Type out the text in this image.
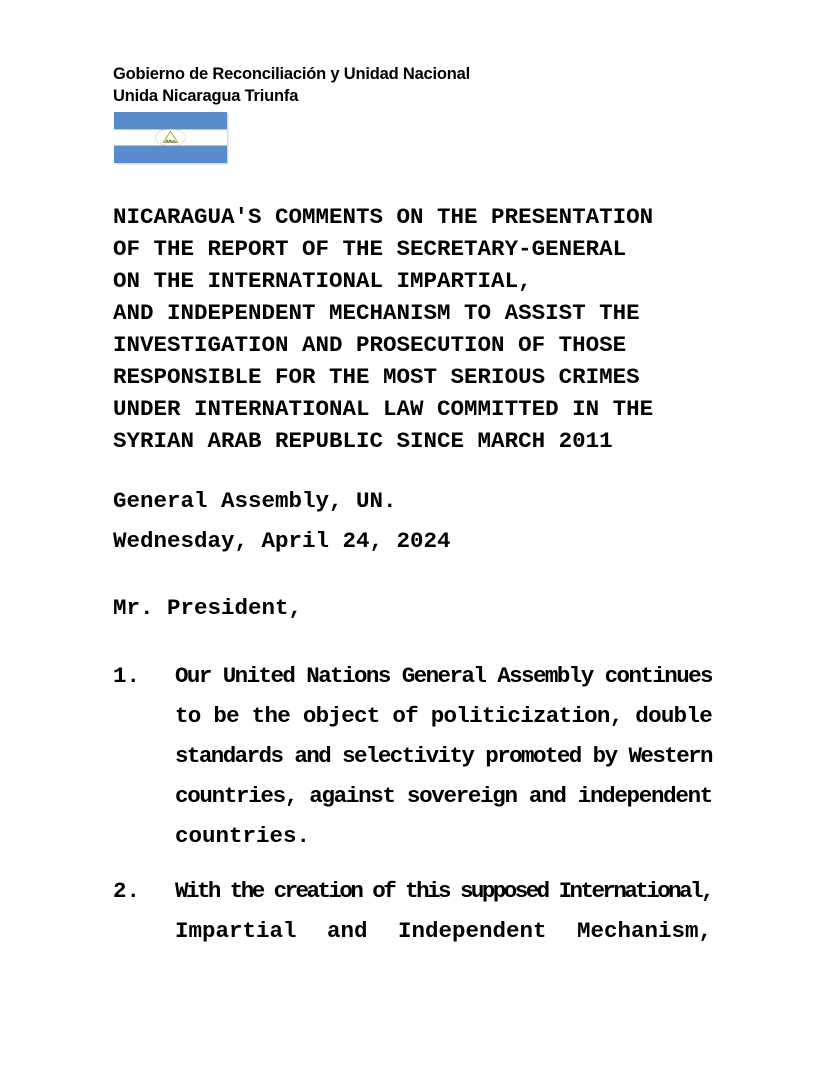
Gobierno de Reconciliación y Unidad Nacional
Unida Nicaragua Triunfa
NICARAGUA'S COMMENTS ON THE PRESENTATION
OF THE REPORT OF THE SECRETARY-GENERAL
ON THE INTERNATIONAL IMPARTIAL,
AND INDEPENDENT MECHANISM TO ASSIST THE
INVESTIGATION AND PROSECUTION OF THOSE
RESPONSIBLE FOR THE MOST SERIOUS CRIMES
UNDER INTERNATIONAL LAW COMMITTED IN THE
SYRIAN ARAB REPUBLIC SINCE MARCH 2011
General Assembly, UN.
Wednesday, April 24, 2024
Mr. President,
1. Our United Nations General Assembly continues
to be the object of politicization, double
standards and selectivity promoted by Western
countries, against sovereign and independent
countries.
2. With the creation of this supposed International,
Impartial and Independent Mechanism,
